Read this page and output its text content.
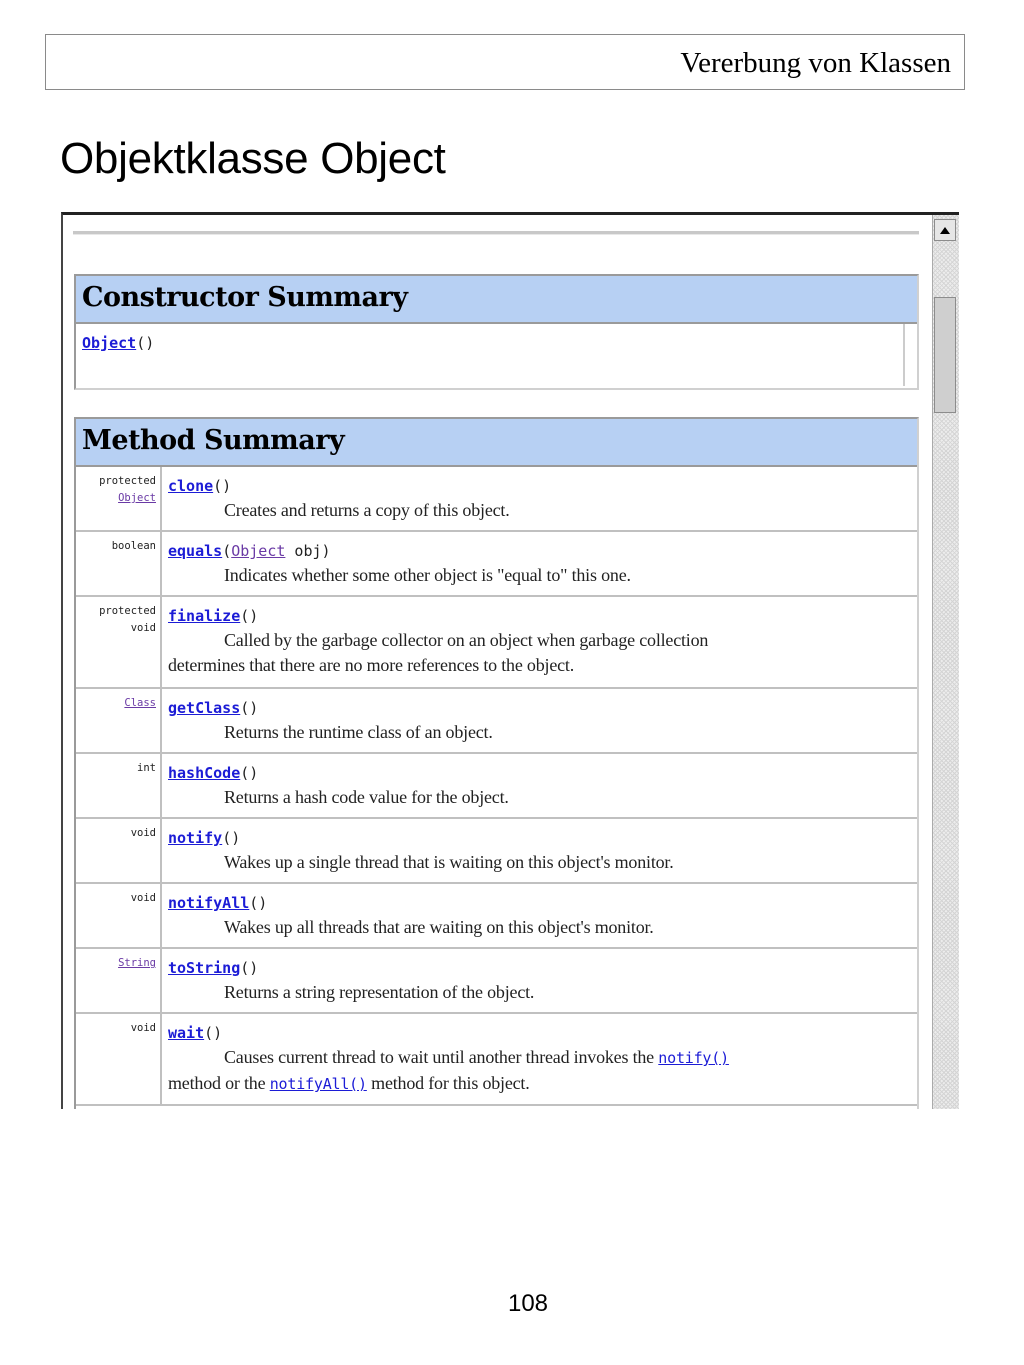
Vererbung von Klassen
Objektklasse Object
Constructor Summary
Object()
Method Summary
protected
Object
clone()
Creates and returns a copy of this object.
boolean equals(Object obj)
Indicates whether some other object is "equal to" this one.
protected
void
finalize()
Called by the garbage collector on an object when garbage collection
determines that there are no more references to the object.
Class getClass()
Returns the runtime class of an object.
int hashCode()
Returns a hash code value for the object.
void notify()
Wakes up a single thread that is waiting on this object's monitor.
void notifyAll()
Wakes up all threads that are waiting on this object's monitor.
String toString()
Returns a string representation of the object.
void wait()
Causes current thread to wait until another thread invokes the notify()
method or the notifyAll() method for this object.
108
